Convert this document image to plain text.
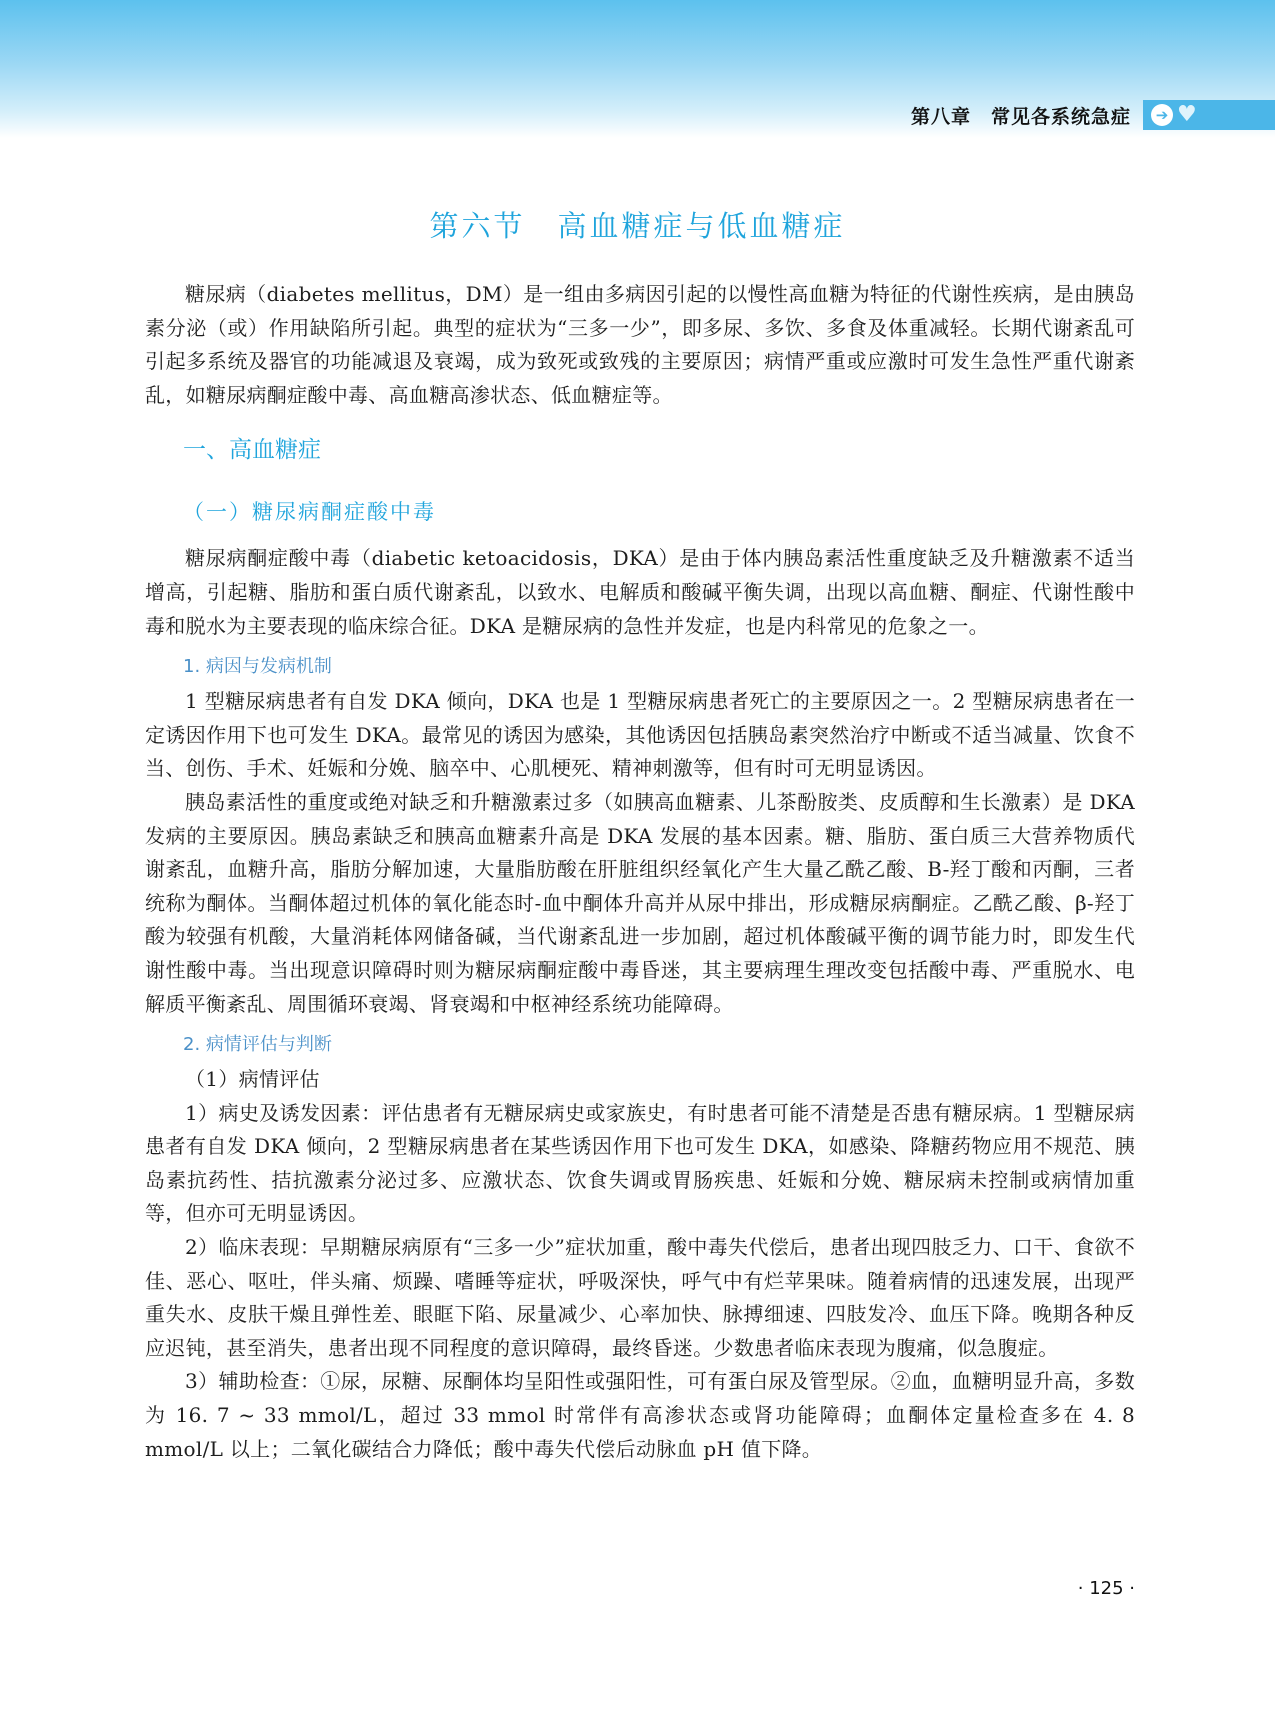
第八章　常见各系统急症	➔ ♥
第六节　高血糖症与低血糖症

糖尿病（diabetes mellitus，DM）是一组由多病因引起的以慢性高血糖为特征的代谢性疾病，是由胰岛素分泌（或）作用缺陷所引起。典型的症状为“三多一少”，即多尿、多饮、多食及体重减轻。长期代谢紊乱可引起多系统及器官的功能减退及衰竭，成为致死或致残的主要原因；病情严重或应激时可发生急性严重代谢紊乱，如糖尿病酮症酸中毒、高血糖高渗状态、低血糖症等。

一、高血糖症
（一）糖尿病酮症酸中毒

糖尿病酮症酸中毒（diabetic ketoacidosis，DKA）是由于体内胰岛素活性重度缺乏及升糖激素不适当增高，引起糖、脂肪和蛋白质代谢紊乱，以致水、电解质和酸碱平衡失调，出现以高血糖、酮症、代谢性酸中毒和脱水为主要表现的临床综合征。DKA 是糖尿病的急性并发症，也是内科常见的危象之一。

1. 病因与发病机制

1 型糖尿病患者有自发 DKA 倾向，DKA 也是 1 型糖尿病患者死亡的主要原因之一。2 型糖尿病患者在一定诱因作用下也可发生 DKA。最常见的诱因为感染，其他诱因包括胰岛素突然治疗中断或不适当减量、饮食不当、创伤、手术、妊娠和分娩、脑卒中、心肌梗死、精神刺激等，但有时可无明显诱因。

胰岛素活性的重度或绝对缺乏和升糖激素过多（如胰高血糖素、儿茶酚胺类、皮质醇和生长激素）是 DKA 发病的主要原因。胰岛素缺乏和胰高血糖素升高是 DKA 发展的基本因素。糖、脂肪、蛋白质三大营养物质代谢紊乱，血糖升高，脂肪分解加速，大量脂肪酸在肝脏组织经氧化产生大量乙酰乙酸、B-羟丁酸和丙酮，三者统称为酮体。当酮体超过机体的氧化能态时-血中酮体升高并从尿中排出，形成糖尿病酮症。乙酰乙酸、β-羟丁酸为较强有机酸，大量消耗体网储备碱，当代谢紊乱进一步加剧，超过机体酸碱平衡的调节能力时，即发生代谢性酸中毒。当出现意识障碍时则为糖尿病酮症酸中毒昏迷，其主要病理生理改变包括酸中毒、严重脱水、电解质平衡紊乱、周围循环衰竭、肾衰竭和中枢神经系统功能障碍。

2. 病情评估与判断

（1）病情评估

1）病史及诱发因素：评估患者有无糖尿病史或家族史，有时患者可能不清楚是否患有糖尿病。1 型糖尿病患者有自发 DKA 倾向，2 型糖尿病患者在某些诱因作用下也可发生 DKA，如感染、降糖药物应用不规范、胰岛素抗药性、拮抗激素分泌过多、应激状态、饮食失调或胃肠疾患、妊娠和分娩、糖尿病未控制或病情加重等，但亦可无明显诱因。

2）临床表现：早期糖尿病原有“三多一少”症状加重，酸中毒失代偿后，患者出现四肢乏力、口干、食欲不佳、恶心、呕吐，伴头痛、烦躁、嗜睡等症状，呼吸深快，呼气中有烂苹果味。随着病情的迅速发展，出现严重失水、皮肤干燥且弹性差、眼眶下陷、尿量减少、心率加快、脉搏细速、四肢发冷、血压下降。晚期各种反应迟钝，甚至消失，患者出现不同程度的意识障碍，最终昏迷。少数患者临床表现为腹痛，似急腹症。

3）辅助检查：①尿，尿糖、尿酮体均呈阳性或强阳性，可有蛋白尿及管型尿。②血，血糖明显升高，多数为 16. 7 ~ 33 mmol/L，超过 33 mmol 时常伴有高渗状态或肾功能障碍；血酮体定量检查多在 4. 8 mmol/L 以上；二氧化碳结合力降低；酸中毒失代偿后动脉血 pH 值下降。

· 125 ·
